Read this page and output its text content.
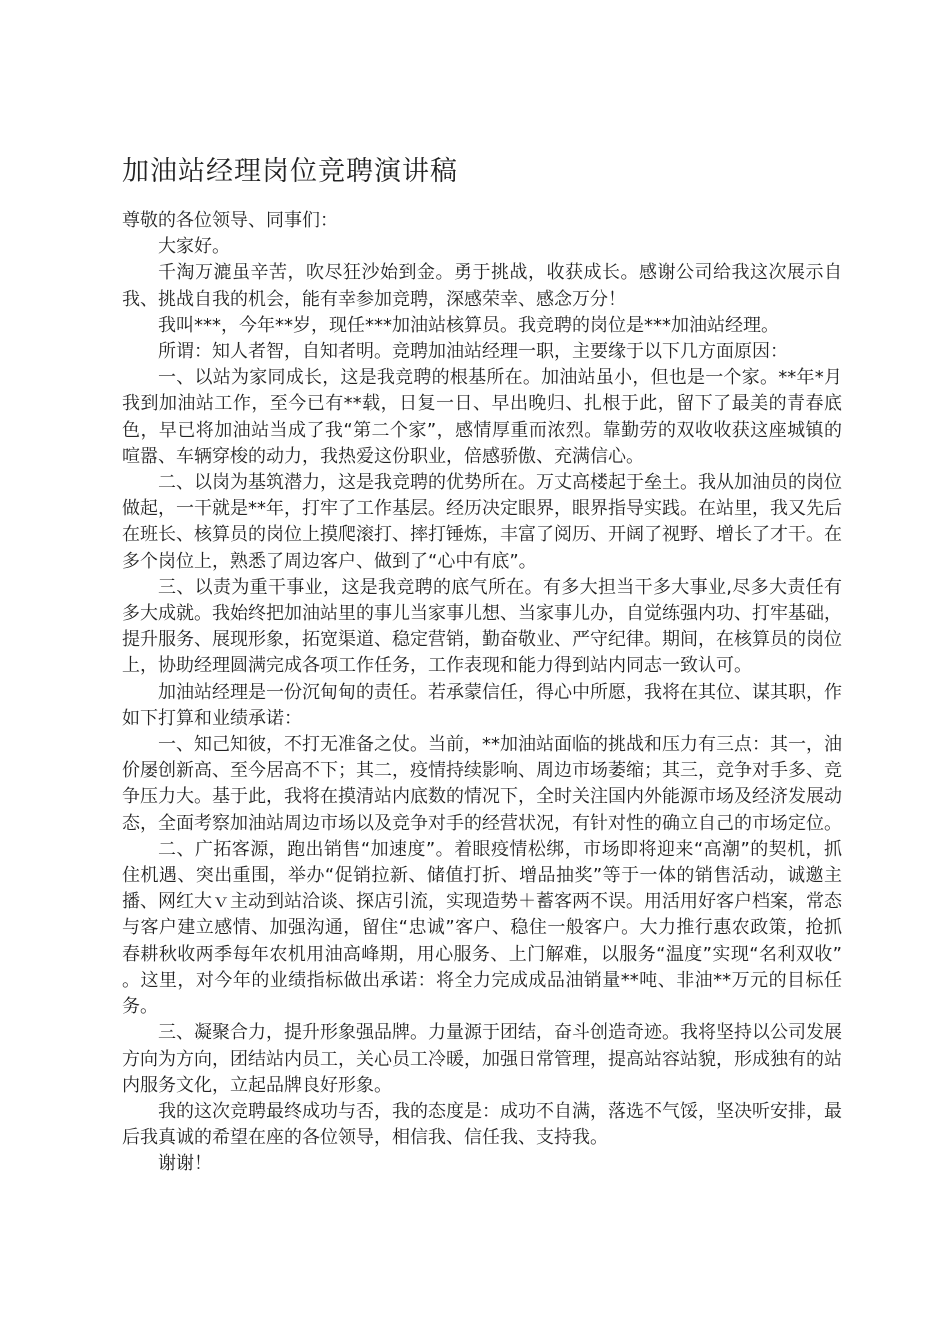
加油站经理岗位竞聘演讲稿

尊敬的各位领导、同事们：

大家好。

千淘万漉虽辛苦，吹尽狂沙始到金。勇于挑战，收获成长。感谢公司给我这次展示自我、挑战自我的机会，能有幸参加竞聘，深感荣幸、感念万分！

我叫***，今年**岁，现任***加油站核算员。我竞聘的岗位是***加油站经理。

所谓：知人者智，自知者明。竞聘加油站经理一职，主要缘于以下几方面原因：

一、以站为家同成长，这是我竞聘的根基所在。加油站虽小，但也是一个家。**年*月我到加油站工作，至今已有**载，日复一日、早出晚归、扎根于此，留下了最美的青春底色，早已将加油站当成了我“第二个家”，感情厚重而浓烈。靠勤劳的双收收获这座城镇的喧嚣、车辆穿梭的动力，我热爱这份职业，倍感骄傲、充满信心。

二、以岗为基筑潜力，这是我竞聘的优势所在。万丈高楼起于垒土。我从加油员的岗位做起，一干就是**年，打牢了工作基层。经历决定眼界，眼界指导实践。在站里，我又先后在班长、核算员的岗位上摸爬滚打、摔打锤炼，丰富了阅历、开阔了视野、增长了才干。在多个岗位上，熟悉了周边客户、做到了“心中有底”。

三、以责为重干事业，这是我竞聘的底气所在。有多大担当干多大事业,尽多大责任有多大成就。我始终把加油站里的事儿当家事儿想、当家事儿办，自觉练强内功、打牢基础，提升服务、展现形象，拓宽渠道、稳定营销，勤奋敬业、严守纪律。期间，在核算员的岗位上，协助经理圆满完成各项工作任务，工作表现和能力得到站内同志一致认可。

加油站经理是一份沉甸甸的责任。若承蒙信任，得心中所愿，我将在其位、谋其职，作如下打算和业绩承诺：

一、知己知彼，不打无准备之仗。当前，**加油站面临的挑战和压力有三点：其一，油价屡创新高、至今居高不下；其二，疫情持续影响、周边市场萎缩；其三，竞争对手多、竞争压力大。基于此，我将在摸清站内底数的情况下，全时关注国内外能源市场及经济发展动态，全面考察加油站周边市场以及竞争对手的经营状况，有针对性的确立自己的市场定位。

二、广拓客源，跑出销售“加速度”。着眼疫情松绑，市场即将迎来“高潮”的契机，抓住机遇、突出重围，举办“促销拉新、储值打折、增品抽奖”等于一体的销售活动，诚邀主播、网红大ｖ主动到站洽谈、探店引流，实现造势＋蓄客两不误。用活用好客户档案，常态与客户建立感情、加强沟通，留住“忠诚”客户、稳住一般客户。大力推行惠农政策，抢抓春耕秋收两季每年农机用油高峰期，用心服务、上门解难，以服务“温度”实现“名利双收” 。这里，对今年的业绩指标做出承诺：将全力完成成品油销量**吨、非油**万元的目标任务。

三、凝聚合力，提升形象强品牌。力量源于团结，奋斗创造奇迹。我将坚持以公司发展方向为方向，团结站内员工，关心员工冷暖，加强日常管理，提高站容站貌，形成独有的站内服务文化，立起品牌良好形象。

我的这次竞聘最终成功与否，我的态度是：成功不自满，落选不气馁，坚决听安排，最后我真诚的希望在座的各位领导，相信我、信任我、支持我。

谢谢！
